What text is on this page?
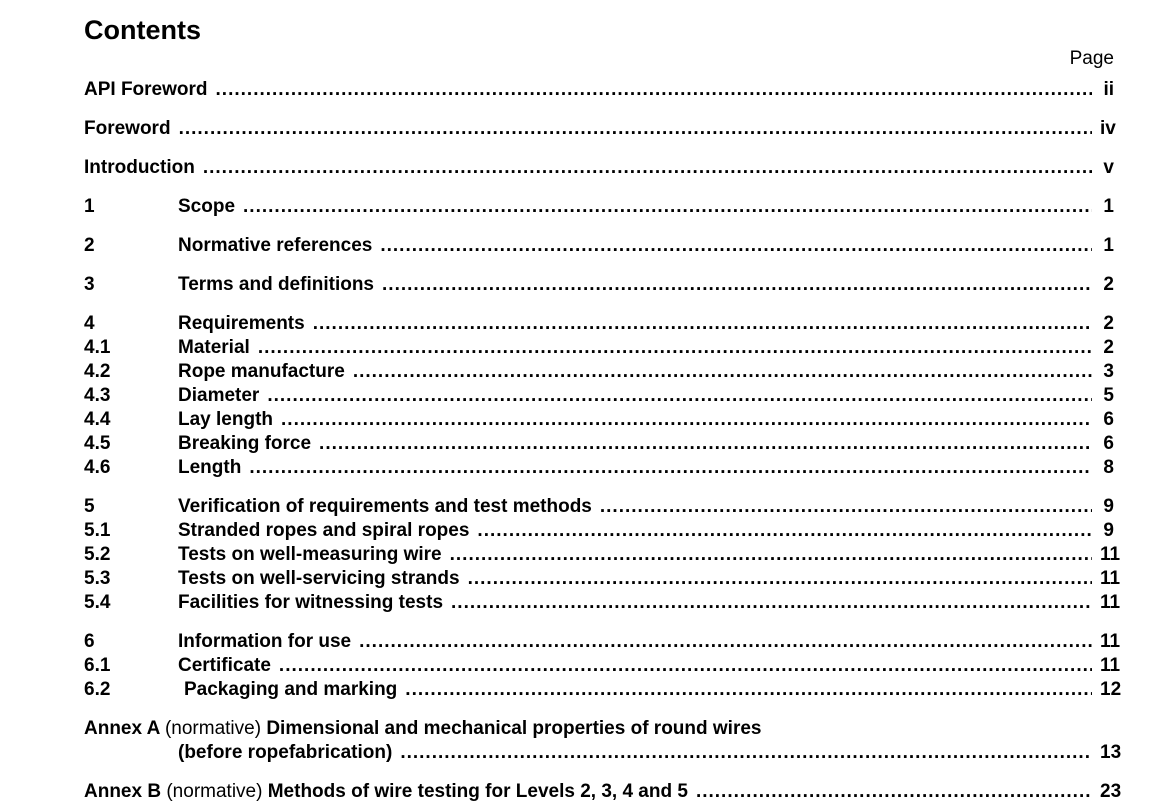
Contents
Page
API Foreword .....	ii
Foreword .....	iv
Introduction .....	v
1	Scope .....	1
2	Normative references .....	1
3	Terms and definitions .....	2
4	Requirements .....	2
4.1	Material .....	2
4.2	Rope manufacture .....	3
4.3	Diameter .....	5
4.4	Lay length .....	6
4.5	Breaking force .....	6
4.6	Length .....	8
5	Verification of requirements and test methods .....	9
5.1	Stranded ropes and spiral ropes .....	9
5.2	Tests on well-measuring wire .....	11
5.3	Tests on well-servicing strands .....	11
5.4	Facilities for witnessing tests .....	11
6	Information for use .....	11
6.1	Certificate .....	11
6.2	Packaging and marking .....	12
Annex A (normative) Dimensional and mechanical properties of round wires
(before ropefabrication) .....	13
Annex B (normative) Methods of wire testing for Levels 2, 3, 4 and 5 .....	23
